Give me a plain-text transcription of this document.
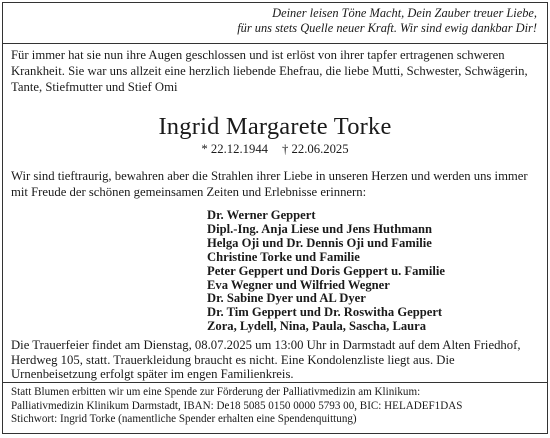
Deiner leisen Töne Macht, Dein Zauber treuer Liebe,
für uns stets Quelle neuer Kraft. Wir sind ewig dankbar Dir!
Für immer hat sie nun ihre Augen geschlossen und ist erlöst von ihrer tapfer ertragenen schweren Krankheit. Sie war uns allzeit eine herzlich liebende Ehefrau, die liebe Mutti, Schwester, Schwägerin, Tante, Stiefmutter und Stief Omi
Ingrid Margarete Torke
* 22.12.1944 † 22.06.2025
Wir sind tieftraurig, bewahren aber die Strahlen ihrer Liebe in unseren Herzen und werden uns immer mit Freude der schönen gemeinsamen Zeiten und Erlebnisse erinnern:
Dr. Werner Geppert
Dipl.-Ing. Anja Liese und Jens Huthmann
Helga Oji und Dr. Dennis Oji und Familie
Christine Torke und Familie
Peter Geppert und Doris Geppert u. Familie
Eva Wegner und Wilfried Wegner
Dr. Sabine Dyer und AL Dyer
Dr. Tim Geppert und Dr. Roswitha Geppert
Zora, Lydell, Nina, Paula, Sascha, Laura
Die Trauerfeier findet am Dienstag, 08.07.2025 um 13:00 Uhr in Darmstadt auf dem Alten Friedhof, Herdweg 105, statt. Trauerkleidung braucht es nicht. Eine Kondolenzliste liegt aus. Die Urnenbeisetzung erfolgt später im engen Familienkreis.
Statt Blumen erbitten wir um eine Spende zur Förderung der Palliativmedizin am Klinikum:
Palliativmedizin Klinikum Darmstadt, IBAN: De18 5085 0150 0000 5793 00, BIC: HELADEF1DAS
Stichwort: Ingrid Torke (namentliche Spender erhalten eine Spendenquittung)
